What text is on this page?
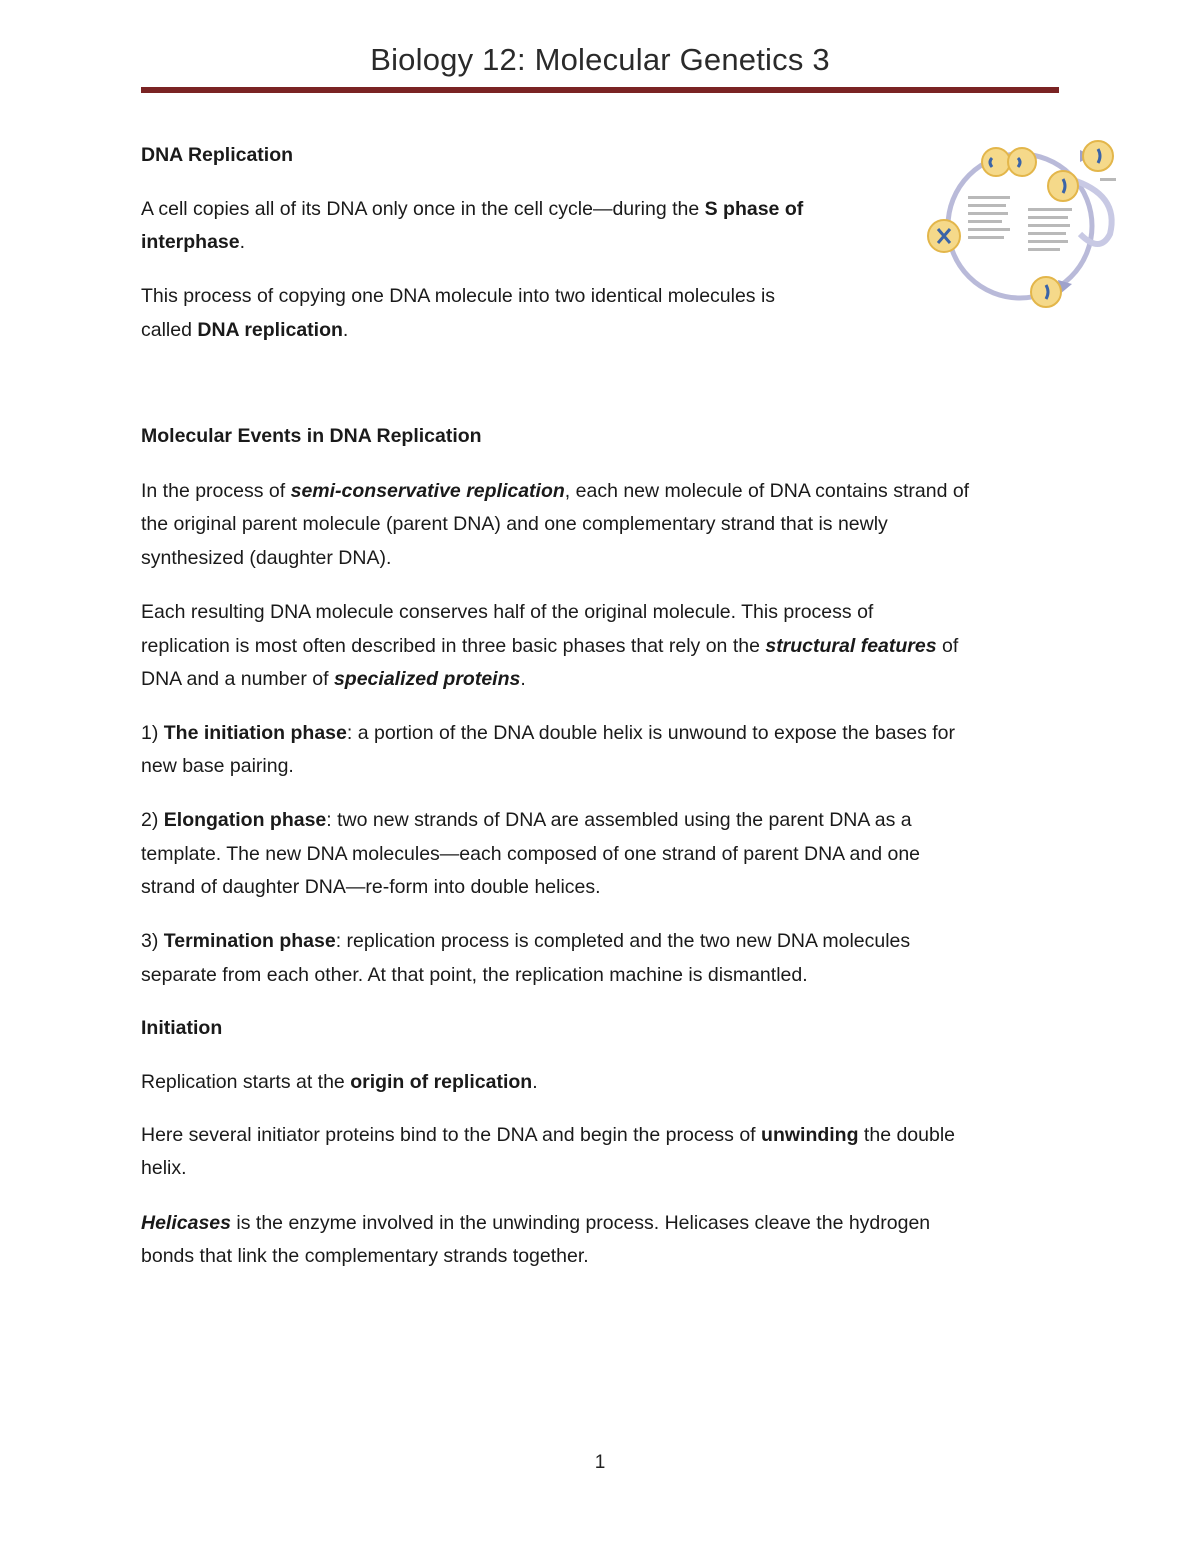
Biology 12: Molecular Genetics 3
DNA Replication
A cell copies all of its DNA only once in the cell cycle—during the S phase of
interphase.
This process of copying one DNA molecule into two identical molecules is
called DNA replication.
Molecular Events in DNA Replication
In the process of semi-conservative replication, each new molecule of DNA contains strand of
the original parent molecule (parent DNA) and one complementary strand that is newly
synthesized (daughter DNA).
Each resulting DNA molecule conserves half of the original molecule. This process of
replication is most often described in three basic phases that rely on the structural features of
DNA and a number of specialized proteins.
1) The initiation phase: a portion of the DNA double helix is unwound to expose the bases for
new base pairing.
2) Elongation phase: two new strands of DNA are assembled using the parent DNA as a
template. The new DNA molecules—each composed of one strand of parent DNA and one
strand of daughter DNA—re-form into double helices.
3) Termination phase: replication process is completed and the two new DNA molecules
separate from each other. At that point, the replication machine is dismantled.
Initiation
Replication starts at the origin of replication.
Here several initiator proteins bind to the DNA and begin the process of unwinding the double
helix.
Helicases is the enzyme involved in the unwinding process. Helicases cleave the hydrogen
bonds that link the complementary strands together.
1
